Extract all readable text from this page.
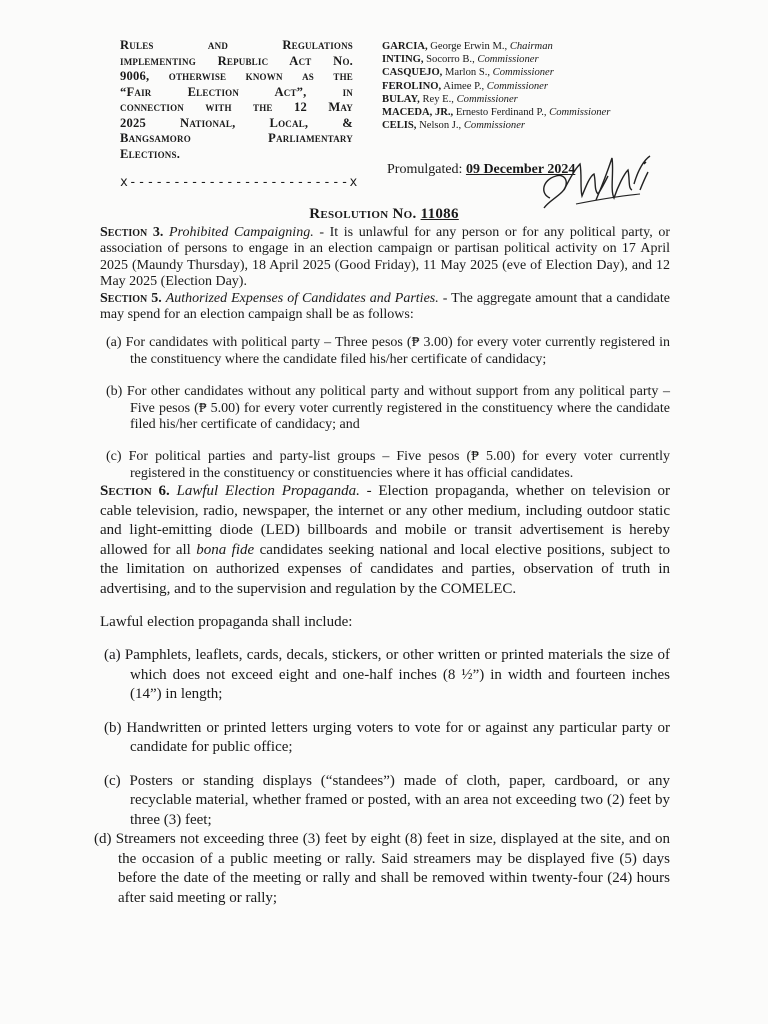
Rules and Regulations
implementing Republic Act No.
9006, otherwise known as the
“Fair Election Act”, in
connection with the 12 May
2025 National, Local, &
Bangsamoro Parliamentary
Elections.
x-------------------------x
GARCIA, George Erwin M., Chairman
INTING, Socorro B., Commissioner
CASQUEJO, Marlon S., Commissioner
FEROLINO, Aimee P., Commissioner
BULAY, Rey E., Commissioner
MACEDA, JR., Ernesto Ferdinand P., Commissioner
CELIS, Nelson J., Commissioner
Promulgated: 09 December 2024
Resolution No. 11086

Section 3. Prohibited Campaigning. - It is unlawful for any person or for any political party, or association of persons to engage in an election campaign or partisan political activity on 17 April 2025 (Maundy Thursday), 18 April 2025 (Good Friday), 11 May 2025 (eve of Election Day), and 12 May 2025 (Election Day).

Section 5. Authorized Expenses of Candidates and Parties. - The aggregate amount that a candidate may spend for an election campaign shall be as follows:

(a) For candidates with political party – Three pesos (₱ 3.00) for every voter currently registered in the constituency where the candidate filed his/her certificate of candidacy;

(b) For other candidates without any political party and without support from any political party – Five pesos (₱ 5.00) for every voter currently registered in the constituency where the candidate filed his/her certificate of candidacy; and

(c) For political parties and party-list groups – Five pesos (₱ 5.00) for every voter currently registered in the constituency or constituencies where it has official candidates.

Section 6. Lawful Election Propaganda. - Election propaganda, whether on television or cable television, radio, newspaper, the internet or any other medium, including outdoor static and light-emitting diode (LED) billboards and mobile or transit advertisement is hereby allowed for all bona fide candidates seeking national and local elective positions, subject to the limitation on authorized expenses of candidates and parties, observation of truth in advertising, and to the supervision and regulation by the COMELEC.

Lawful election propaganda shall include:

(a) Pamphlets, leaflets, cards, decals, stickers, or other written or printed materials the size of which does not exceed eight and one-half inches (8 ½”) in width and fourteen inches (14”) in length;

(b) Handwritten or printed letters urging voters to vote for or against any particular party or candidate for public office;

(c) Posters or standing displays (“standees”) made of cloth, paper, cardboard, or any recyclable material, whether framed or posted, with an area not exceeding two (2) feet by three (3) feet;

(d) Streamers not exceeding three (3) feet by eight (8) feet in size, displayed at the site, and on the occasion of a public meeting or rally. Said streamers may be displayed five (5) days before the date of the meeting or rally and shall be removed within twenty-four (24) hours after said meeting or rally;
